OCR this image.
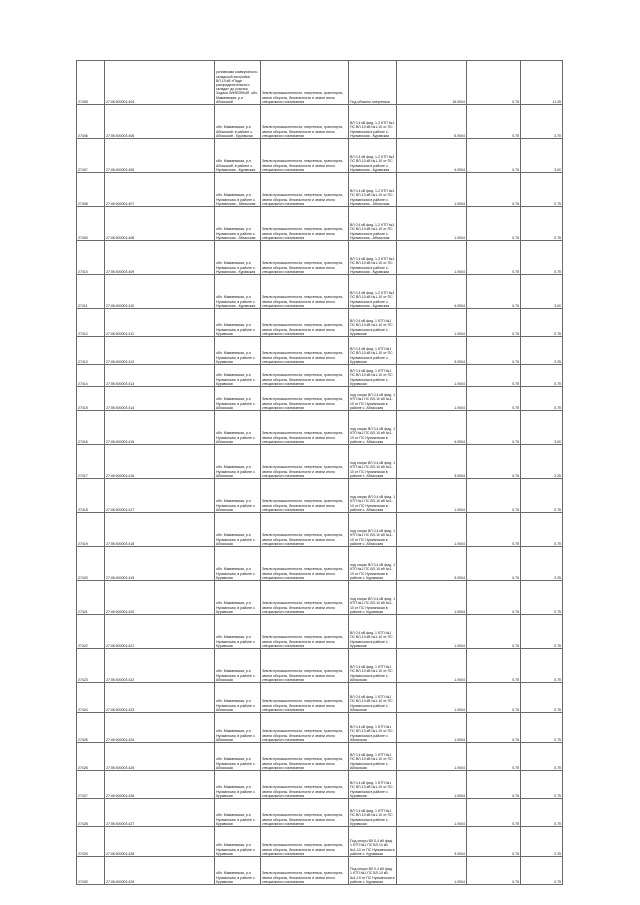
27405	27:06:000001:404	условными коммунально-складской застройки ВЛ-10 кВ «Пади распределительного склада» до участка Ходика ЛИНЕЙНЫЙ. обл. Мамаевская. р-н Абхасский	Земли промышленности, энергетики, транспорта, земли обороны, безопасности и земли иного специального назначения	Под объекты энергетики	15.0004	0.75	11.25
27406	27:06:000001:405	обл. Мамаевская, р-н Абхасский, в районе с. Абхасский - Куравская	Земли промышленности, энергетики, транспорта, земли обороны, безопасности и земли иного специального назначения	ВЛ 0,4 кВ фид. 1-2 КТП №1 ПС ВЛ-10 кВ №1-10 от ПС Нусманская в районе с. Нусманская - Куравская	5.0004	0.75	3.75
27407	27:06:000001:406	обл. Мамаевская, р-н Абхасский, в районе с. Нусманская - Куравская	Земли промышленности, энергетики, транспорта, земли обороны, безопасности и земли иного специального назначения	ВЛ 0,4 кВ фид. 1-2 КТП №1 ПС ВЛ-10 кВ №1-10 от ПС Нусманская в районе с. Нусманская - Куравская	4.0004	0.75	3.00
27408	27:06:000001:407	обл. Мамаевская, р-н Нусманская, в районе с. Нусманская - Абхасская	Земли промышленности, энергетики, транспорта, земли обороны, безопасности и земли иного специального назначения	ВЛ 0,4 кВ фид. 1-2 КТП №1 ПС ВЛ-10 кВ №1-10 от ПС Нусманская в районе с. Нусманская - Абхасская	1.0004	0.75	0.75
27409	27:06:000001:408	обл. Мамаевская, р-н Нусманская, в районе с. Нусманская - Абхасская	Земли промышленности, энергетики, транспорта, земли обороны, безопасности и земли иного специального назначения	ВЛ 0,4 кВ фид. 1-2 КТП №1 ПС ВЛ-10 кВ №1-10 от ПС Нусманская в районе с. Нусманская - Абхасская	1.0004	0.75	0.75
27410	27:06:000001:409	обл. Мамаевская, р-н Нусманская, в районе с. Нусманская - Куравская	Земли промышленности, энергетики, транспорта, земли обороны, безопасности и земли иного специального назначения	ВЛ 0,4 кВ фид. 1-2 КТП №1 ПС ВЛ-10 кВ №1-10 от ПС Нусманская в районе с. Нусманская - Куравская	1.0004	0.75	0.75
27411	27:06:000001:410	обл. Мамаевская, р-н Нусманская, в районе с. Нусманская - Куравская	Земли промышленности, энергетики, транспорта, земли обороны, безопасности и земли иного специального назначения	ВЛ 0,4 кВ фид. 1-2 КТП №1 ПС ВЛ-10 кВ №1-10 от ПС Нусманская в районе с. Нусманская - Куравская	4.0004	0.75	3.00
27412	27:06:000001:411	обл. Мамаевская, р-н Нусманская, в районе с. Куравская	Земли промышленности, энергетики, транспорта, земли обороны, безопасности и земли иного специального назначения	ВЛ 0,4 кВ фид. 1 КТП №1 ПС ВЛ-10 кВ №1-10 от ПС Нусманская в районе с. Куравская	1.0004	0.75	0.75
27413	27:06:000001:412	обл. Мамаевская, р-н Нусманская, в районе с. Куравская	Земли промышленности, энергетики, транспорта, земли обороны, безопасности и земли иного специального назначения	ВЛ 0,4 кВ фид. 1 КТП №1 ПС ВЛ-10 кВ №1-10 от ПС Нусманская в районе с. Куравская	3.0004	0.75	2.25
27414	27:06:000001:413	обл. Мамаевская, р-н Нусманская, в районе с. Куравская	Земли промышленности, энергетики, транспорта, земли обороны, безопасности и земли иного специального назначения	ВЛ 0,4 кВ фид. 1 КТП №1 ПС ВЛ-10 кВ №1-10 от ПС Нусманская в районе с. Куравская	1.0004	0.75	0.75
27415	27:06:000001:414	обл. Мамаевская, р-н Нусманская, в районе с. Абхасская	Земли промышленности, энергетики, транспорта, земли обороны, безопасности и земли иного специального назначения	под опоры ВЛ 0,4 кВ фид. 1 КТП №1 ПС ВЛ-10 кВ №1-10 от ПС Нусманская в районе с. Абхасская	1.0004	0.75	0.75
27416	27:06:000001:415	обл. Мамаевская, р-н Нусманская, в районе с. Абхасская	Земли промышленности, энергетики, транспорта, земли обороны, безопасности и земли иного специального назначения	под опоры ВЛ 0,4 кВ фид. 1 КТП №1 ПС ВЛ-10 кВ №1-10 от ПС Нусманская в районе с. Абхасская	4.0004	0.75	3.00
27417	27:06:000001:416	обл. Мамаевская, р-н Нусманская, в районе с. Абхасская	Земли промышленности, энергетики, транспорта, земли обороны, безопасности и земли иного специального назначения	под опоры ВЛ 0,4 кВ фид. 1 КТП №1 ПС ВЛ-10 кВ №1-10 от ПС Нусманская в районе с. Абхасская	3.0004	0.75	2.25
27418	27:06:000001:417	обл. Мамаевская, р-н Нусманская, в районе с. Абхасская	Земли промышленности, энергетики, транспорта, земли обороны, безопасности и земли иного специального назначения	под опоры ВЛ 0,4 кВ фид. 1 КТП №1 ПС ВЛ-10 кВ №1-10 от ПС Нусманская в районе с. Абхасская	1.0004	0.75	0.75
27419	27:06:000001:418	обл. Мамаевская, р-н Нусманская, в районе с. Абхасская	Земли промышленности, энергетики, транспорта, земли обороны, безопасности и земли иного специального назначения	под опоры ВЛ 0,4 кВ фид. 1 КТП №1 ПС ВЛ-10 кВ №1-10 от ПС Нусманская в районе с. Абхасская	1.0004	0.75	0.75
27420	27:06:000001:419	обл. Мамаевская, р-н Нусманская, в районе с. Куравская	Земли промышленности, энергетики, транспорта, земли обороны, безопасности и земли иного специального назначения	под опоры ВЛ 0,4 кВ фид. 1 КТП №1 ПС ВЛ-10 кВ №1-10 от ПС Нусманская в районе с. Куравская	3.0004	0.75	2.25
27421	27:06:000001:420	обл. Мамаевская, р-н Нусманская, в районе с. Куравская	Земли промышленности, энергетики, транспорта, земли обороны, безопасности и земли иного специального назначения	под опоры ВЛ 0,4 кВ фид. 1 КТП №1 ПС ВЛ-10 кВ №1-10 от ПС Нусманская в районе с. Куравская	1.0004	0.75	0.75
27422	27:06:000001:421	обл. Мамаевская, р-н Нусманская, в районе с. Куравская	Земли промышленности, энергетики, транспорта, земли обороны, безопасности и земли иного специального назначения	ВЛ 0,4 кВ фид. 1 КТП №1 ПС ВЛ-10 кВ №1-10 от ПС Нусманская в районе с. Куравская	1.0004	0.75	0.75
27423	27:06:000001:422	обл. Мамаевская, р-н Нусманская, в районе с. Абхасская	Земли промышленности, энергетики, транспорта, земли обороны, безопасности и земли иного специального назначения	ВЛ 0,4 кВ фид. 1 КТП №1 ПС ВЛ-10 кВ №1-10 от ПС Нусманская в районе с. Абхасская	1.0004	0.75	0.75
27424	27:06:000001:423	обл. Мамаевская, р-н Нусманская, в районе с. Абхасская	Земли промышленности, энергетики, транспорта, земли обороны, безопасности и земли иного специального назначения	ВЛ 0,4 кВ фид. 1 КТП №1 ПС ВЛ-10 кВ №1-10 от ПС Нусманская в районе с. Абхасская	1.0004	0.75	0.75
27425	27:06:000001:424	обл. Мамаевская, р-н Нусманская, в районе с. Абхасская	Земли промышленности, энергетики, транспорта, земли обороны, безопасности и земли иного специального назначения	ВЛ 0,4 кВ фид. 1 КТП №1 ПС ВЛ-10 кВ №1-10 от ПС Нусманская в районе с. Абхасская	1.0004	0.75	0.75
27426	27:06:000001:425	обл. Мамаевская, р-н Нусманская, в районе с. Абхасская	Земли промышленности, энергетики, транспорта, земли обороны, безопасности и земли иного специального назначения	ВЛ 0,4 кВ фид. 1 КТП №1 ПС ВЛ-10 кВ №1-10 от ПС Нусманская в районе с. Абхасская	1.0004	0.75	0.75
27427	27:06:000001:426	обл. Мамаевская, р-н Нусманская, в районе с. Куравская	Земли промышленности, энергетики, транспорта, земли обороны, безопасности и земли иного специального назначения	ВЛ 0,4 кВ фид. 1 КТП №1 ПС ВЛ-10 кВ №1-10 от ПС Нусманская в районе с. Куравская	1.0004	0.75	0.75
27428	27:06:000001:427	обл. Мамаевская, р-н Нусманская, в районе с. Куравская	Земли промышленности, энергетики, транспорта, земли обороны, безопасности и земли иного специального назначения	ВЛ 0,4 кВ фид. 1 КТП №1 ПС ВЛ-10 кВ №1-10 от ПС Нусманская в районе с. Куравская	1.0004	0.75	0.75
27429	27:06:000001:428	обл. Мамаевская, р-н Нусманская, в районе с. Куравская	Земли промышленности, энергетики, транспорта, земли обороны, безопасности и земли иного специального назначения	Под опоры ВЛ 0,4 кВ фид. 1 КТП №1 ПС ВЛ-10 кВ №1-10 от ПС Нусманская в районе с. Куравская	3.0004	0.75	2.25
27430	27:06:000001:429	обл. Мамаевская, р-н Нусманская, в районе с. Куравская	Земли промышленности, энергетики, транспорта, земли обороны, безопасности и земли иного специального назначения	Под опоры ВЛ 0,4 кВ фид. 1 КТП №1 ПС ВЛ-10 кВ №1-10 от ПС Нусманская в районе с. Куравская	1.0004	0.75	0.75
